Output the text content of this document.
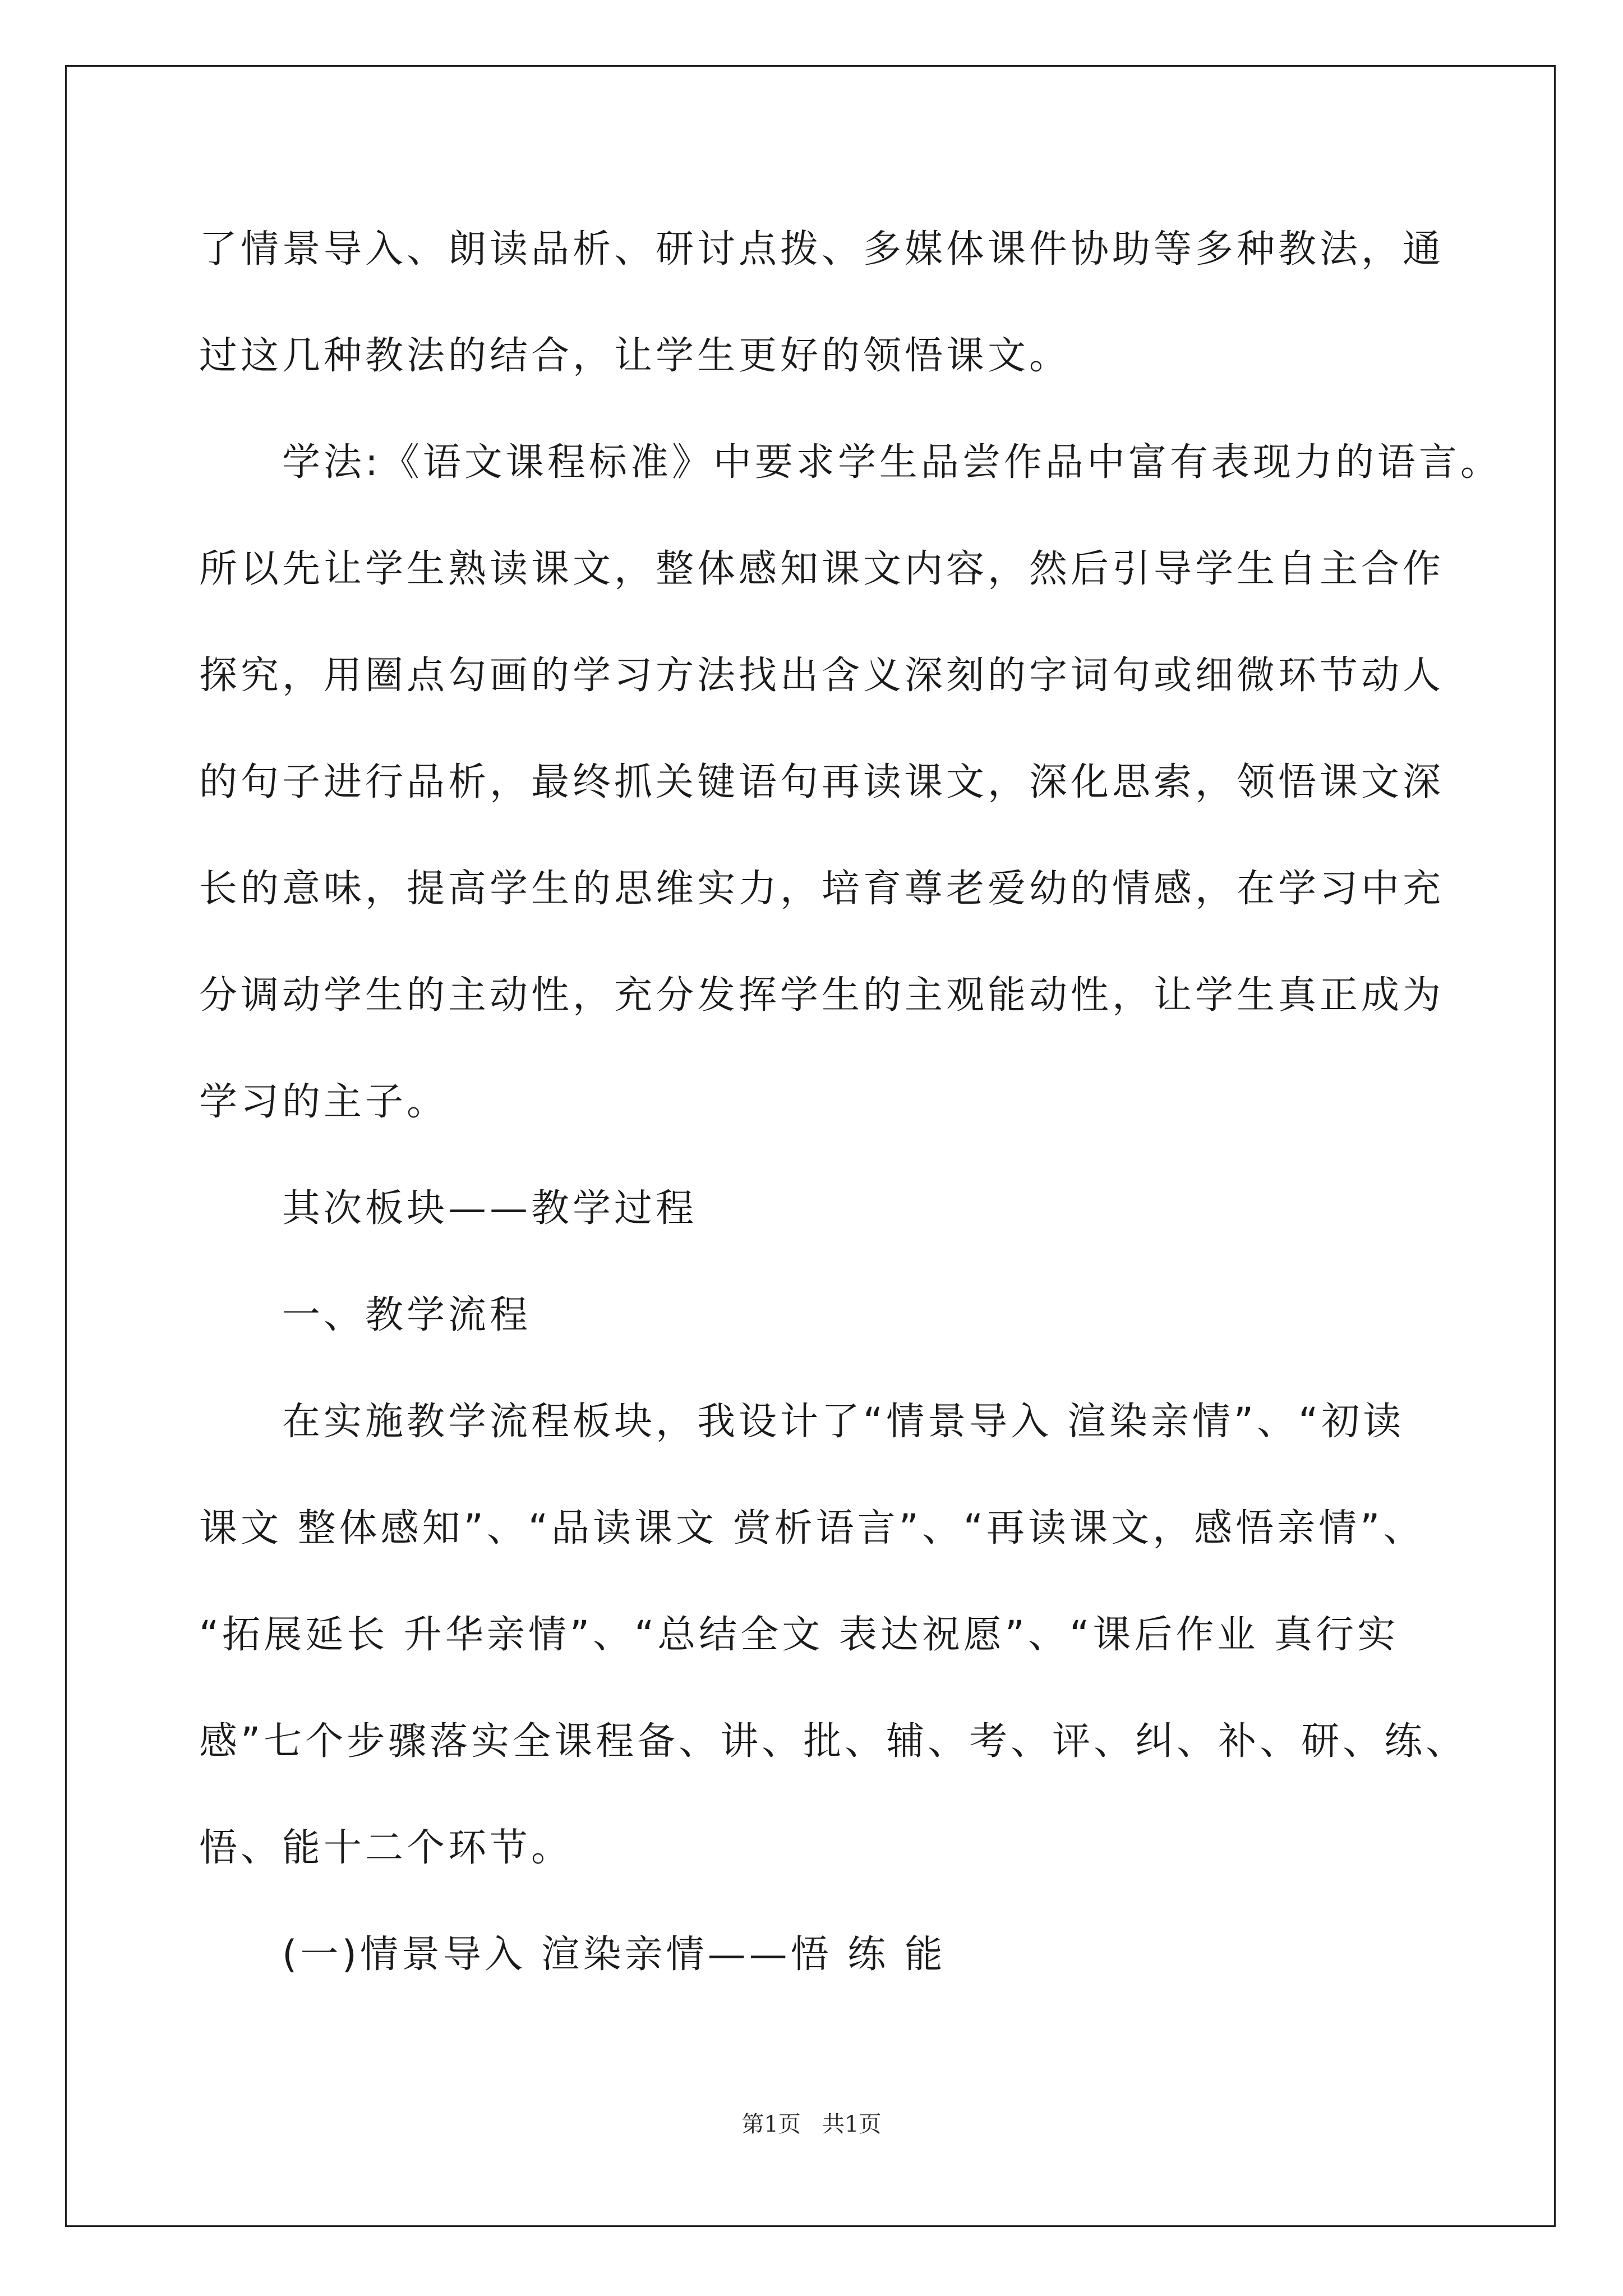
了情景导入、朗读品析、研讨点拨、多媒体课件协助等多种教法，通
过这几种教法的结合，让学生更好的领悟课文。
学法:《语文课程标准》中要求学生品尝作品中富有表现力的语言。
所以先让学生熟读课文，整体感知课文内容，然后引导学生自主合作
探究，用圈点勾画的学习方法找出含义深刻的字词句或细微环节动人
的句子进行品析，最终抓关键语句再读课文，深化思索，领悟课文深
长的意味，提高学生的思维实力，培育尊老爱幼的情感，在学习中充
分调动学生的主动性，充分发挥学生的主观能动性，让学生真正成为
学习的主子。
其次板块——教学过程
一、教学流程
在实施教学流程板块，我设计了“情景导入 渲染亲情”、“初读
课文 整体感知”、“品读课文 赏析语言”、“再读课文，感悟亲情”、
“拓展延长 升华亲情”、“总结全文 表达祝愿”、“课后作业 真行实
感”七个步骤落实全课程备、讲、批、辅、考、评、纠、补、研、练、
悟、能十二个环节。
(一)情景导入 渲染亲情——悟 练 能
第1页   共1页
